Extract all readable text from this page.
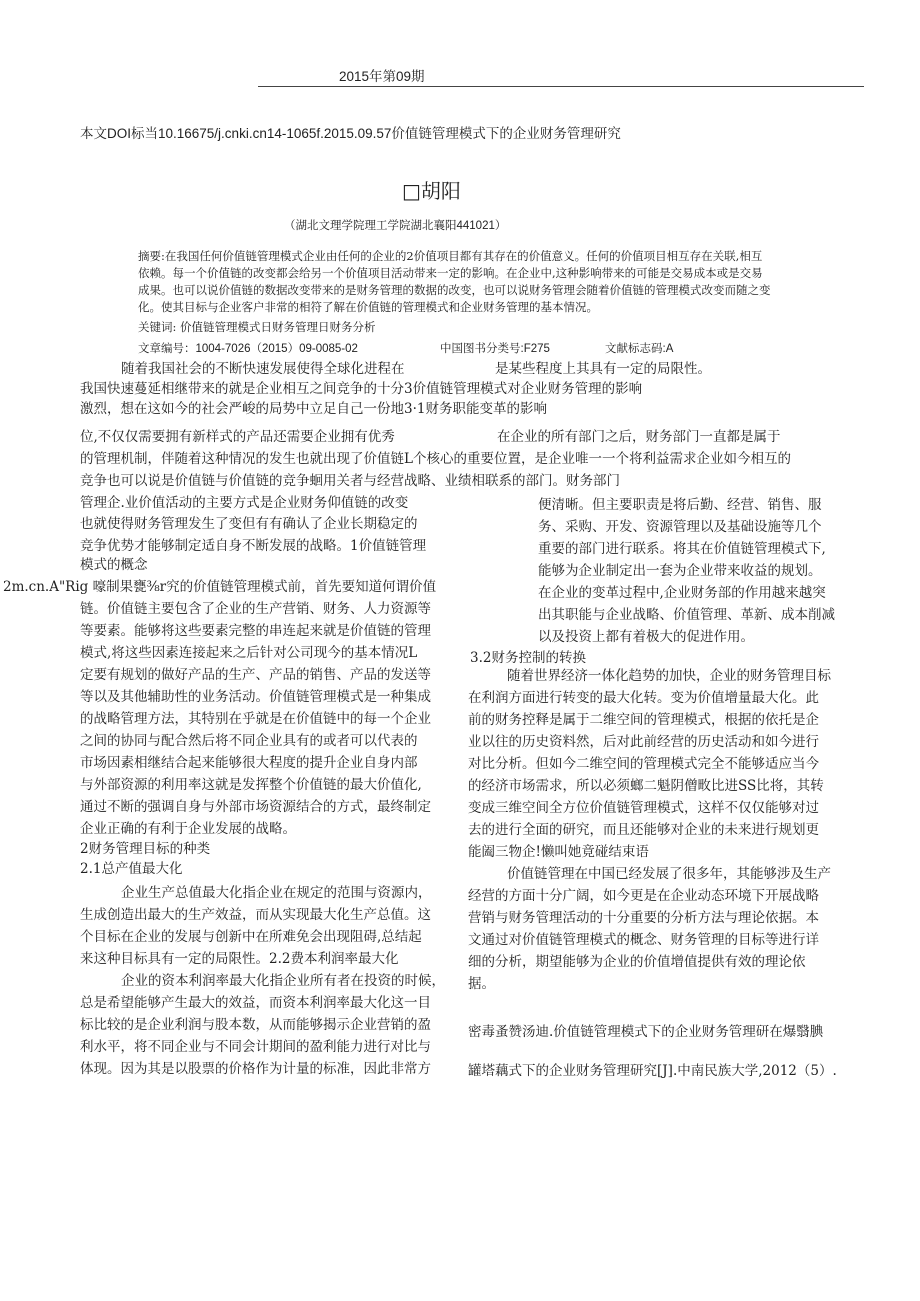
2015年第09期
本文DOI标当10.16675/j.cnki.cn14-1065f.2015.09.57价值链管理模式下的企业财务管理研究
□胡阳
（湖北文理学院理工学院湖北襄阳441021）
摘要:在我国任何价值链管理模式企业由任何的企业的2价值项目都有其存在的价值意义。任何的价值项目相互存在关联,相互
依赖。每一个价值链的改变都会给另一个价值项目活动带来一定的影响。在企业中,这种影响带来的可能是交易成本或是交易
成果。也可以说价值链的数据改变带来的是财务管理的数据的改变，也可以说财务管理会随着价值链的管理模式改变而随之变
化。使其目标与企业客户非常的相符了解在价值链的管理模式和企业财务管理的基本情况。
关键词: 价值链管理模式日财务管理日财务分析
文章编号：1004-7026（2015）09-0085-02	中国图书分类号:F275	文献标志码:A
随着我国社会的不断快速发展使得全球化进程在	是某些程度上其具有一定的局限性。
我国快速蔓延相继带来的就是企业相互之间竞争的十分3价值链管理模式对企业财务管理的影响
激烈，想在这如今的社会严峻的局势中立足自己一份地3·1财务职能变革的影响
位,不仅仅需要拥有新样式的产品还需要企业拥有优秀	在企业的所有部门之后，财务部门一直都是属于
的管理机制，伴随着这种情况的发生也就出现了价值链L个核心的重要位置，是企业唯一一个将利益需求企业如今相互的
竞争也可以说是价值链与价值链的竞争蛔用关者与经营战略、业绩相联系的部门。财务部门
管理企.业价值活动的主要方式是企业财务仰值链的改变
也就使得财务管理发生了变但有有确认了企业长期稳定的
竞争优势才能够制定适自身不断发展的战略。1价值链管理
模式的概念
2m.cn.A"Rig 嚎制果甕⅜r究的价值链管理模式前，首先要知道何谓价值
链。价值链主要包含了企业的生产营销、财务、人力资源等
等要素。能够将这些要素完整的串连起来就是价值链的管理
模式,将这些因素连接起来之后针对公司现今的基本情况L
定要有规划的做好产品的生产、产品的销售、产品的发送等
等以及其他辅助性的业务活动。价值链管理模式是一种集成
的战略管理方法，其特别在乎就是在价值链中的每一个企业
之间的协同与配合然后将不同企业具有的或者可以代表的
市场因素相继结合起来能够很大程度的提升企业自身内部
与外部资源的利用率这就是发挥整个价值链的最大价值化,
通过不断的强调自身与外部市场资源结合的方式，最终制定
企业正确的有利于企业发展的战略。
2财务管理目标的种类
2.1总产值最大化
企业生产总值最大化指企业在规定的范围与资源内，
生成创造出最大的生产效益，而从实现最大化生产总值。这
个目标在企业的发展与创新中在所难免会出现阻碍,总结起
来这种目标具有一定的局限性。2.2费本利润率最大化
企业的资本利润率最大化指企业所有者在投资的时候，
总是希望能够产生最大的效益，而资本利润率最大化这一目
标比较的是企业利润与股本数，从而能够揭示企业营销的盈
利水平，将不同企业与不同会计期间的盈利能力进行对比与
体现。因为其是以股票的价格作为计量的标准，因此非常方
便清晰。但主要职责是将后勤、经营、销售、服
务、采购、开发、资源管理以及基础设施等几个
重要的部门进行联系。将其在价值链管理模式下,
能够为企业制定出一套为企业带来收益的规划。
在企业的变革过程中,企业财务部的作用越来越突
出其职能与企业战略、价值管理、革新、成本削减
以及投资上都有着极大的促进作用。
3.2财务控制的转换
随着世界经济一体化趋势的加快，企业的财务管理目标
在利润方面进行转变的最大化转。变为价值增量最大化。此
前的财务控释是属于二维空间的管理模式，根据的依托是企
业以往的历史资料然，后对此前经营的历史活动和如今进行
对比分析。但如今二维空间的管理模式完全不能够适应当今
的经济市场需求，所以必须螂二魁阴僧畋比进SS比将，其转
变成三维空间全方位价值链管理模式，这样不仅仅能够对过
去的进行全面的研究，而且还能够对企业的未来进行规划更
能阖三物企!懒叫她竟碰结束语
价值链管理在中国已经发展了很多年，其能够涉及生产
经营的方面十分广阔，如今更是在企业动态环境下开展战略
营销与财务管理活动的十分重要的分析方法与理论依据。本
文通过对价值链管理模式的概念、财务管理的目标等进行详
细的分析，期望能够为企业的价值增值提供有效的理论依
据。
密毒蚤赞汤迪.价值链管理模式下的企业财务管理研在爆翳腆
罐塔藕式下的企业财务管理研究[J].中南民族大学,2012（5）.
